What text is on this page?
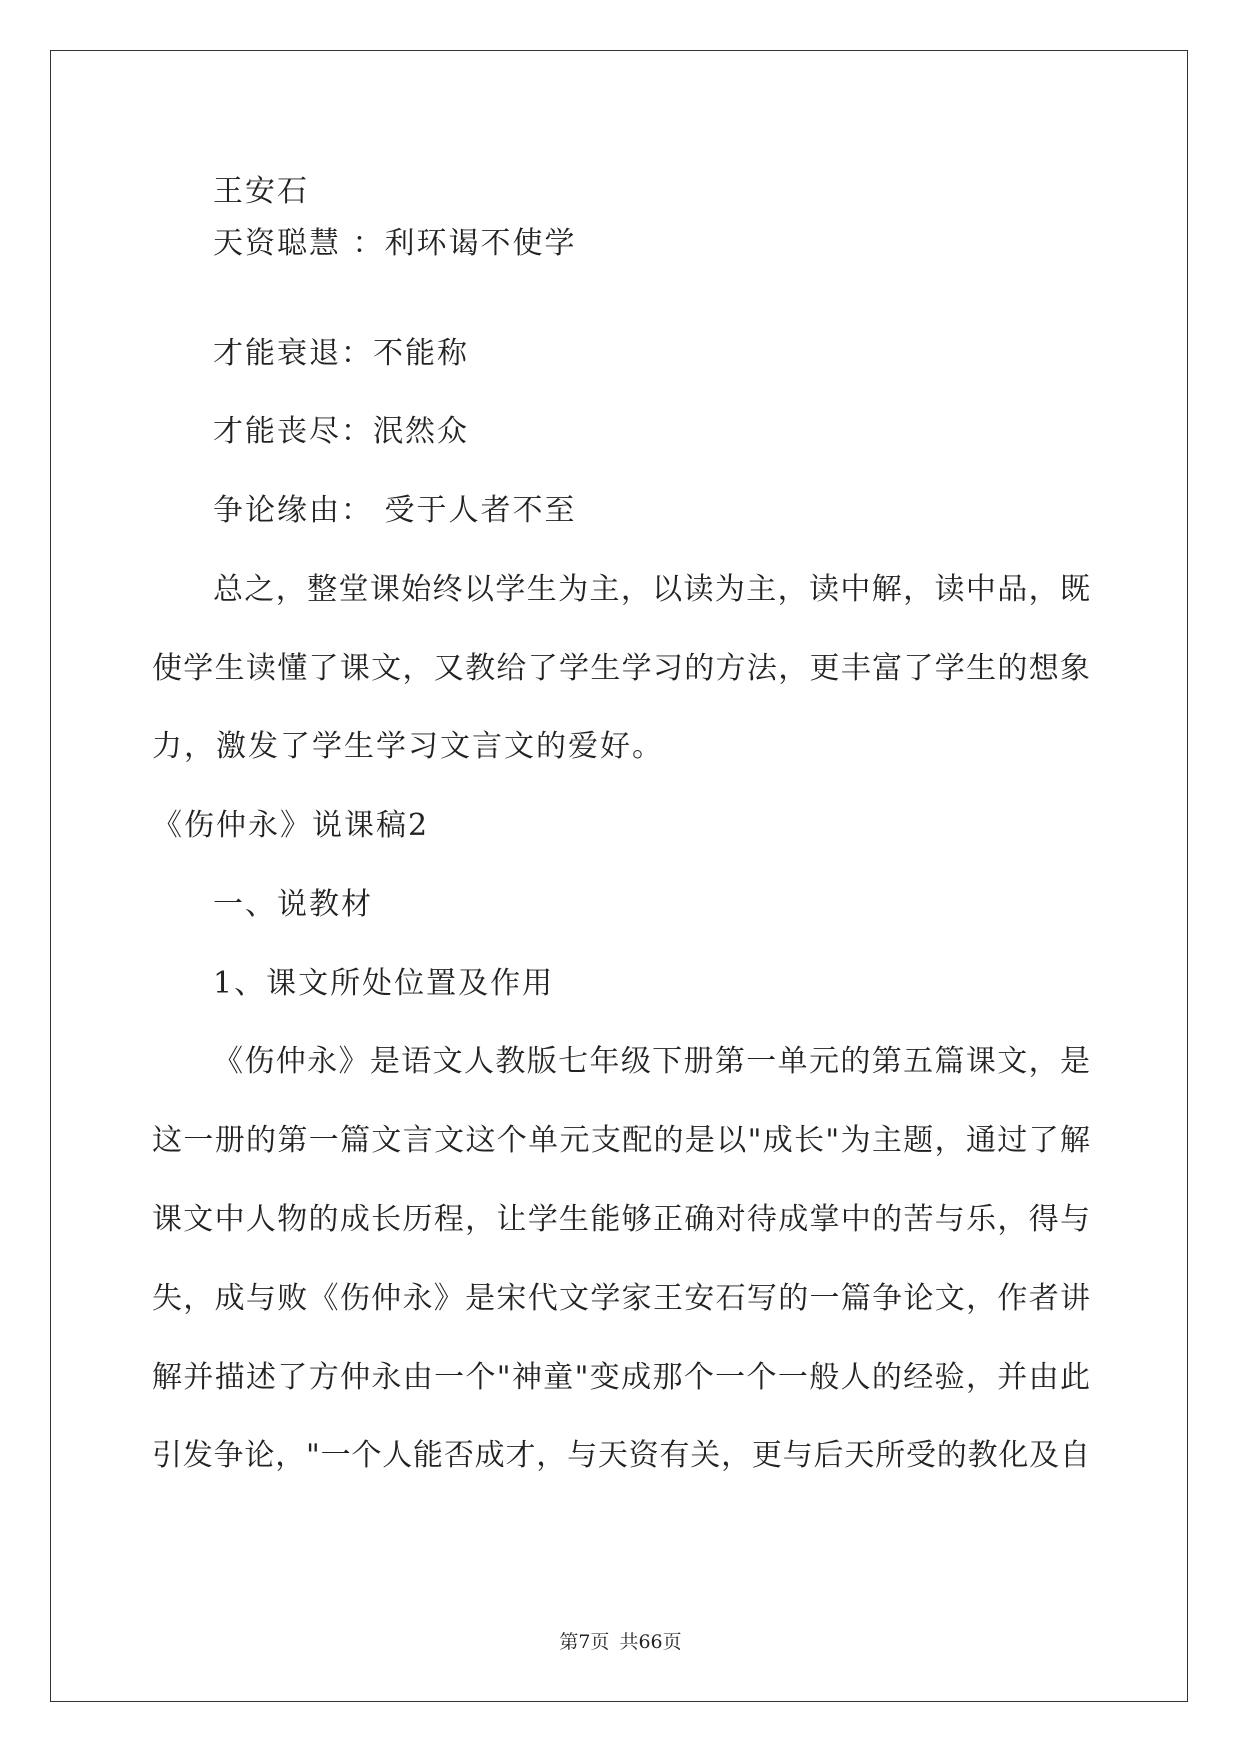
王安石
天资聪慧 ：利环谒不使学
才能衰退：不能称
才能丧尽：泯然众
争论缘由： 受于人者不至
总之，整堂课始终以学生为主，以读为主，读中解，读中品，既
使学生读懂了课文，又教给了学生学习的方法，更丰富了学生的想象
力，激发了学生学习文言文的爱好。
《伤仲永》说课稿2
一、说教材
1、课文所处位置及作用
《伤仲永》是语文人教版七年级下册第一单元的第五篇课文，是
这一册的第一篇文言文这个单元支配的是以"成长"为主题，通过了解
课文中人物的成长历程，让学生能够正确对待成掌中的苦与乐，得与
失，成与败《伤仲永》是宋代文学家王安石写的一篇争论文，作者讲
解并描述了方仲永由一个"神童"变成那个一个一般人的经验，并由此
引发争论，"一个人能否成才，与天资有关，更与后天所受的教化及自
第7页 共66页
